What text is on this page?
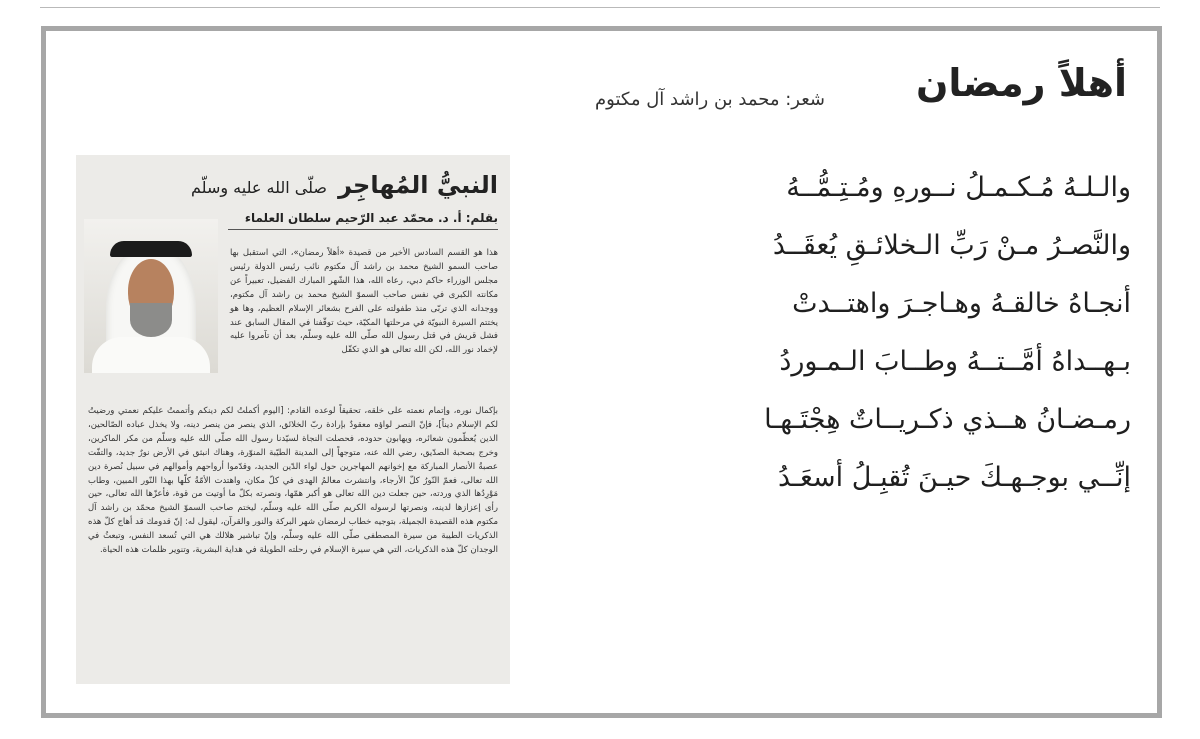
أهلاً رمضان
شعر: محمد بن راشد آل مكتوم
والـلـهُ مُـكـمـلُ نــورهِ ومُـتِـمُّــهُ
والنَّصـرُ مـنْ رَبِّ الـخلائـقِ يُعقَــدُ
أنجـاهُ خالقـهُ وهـاجـرَ واهتــدتْ
بـهــداهُ أمَّــتــهُ وطــابَ الـمـوردُ
رمـضـانُ هــذي ذكـريــاتٌ هِجْتَـهـا
إنِّــي بوجـهـكَ حيـنَ تُقبِـلُ أسعَـدُ
النبيُّ المُهاجِر صلّى الله عليه وسلّم
بقلم: أ. د. محمّد عبد الرّحيم سلطان العلماء

هذا هو القسم السادس الأخير من قصيدة «أهلاً رمضان»، التي استقبل بها صاحب السمو الشيخ محمد بن راشد آل مكتوم نائب رئيس الدولة رئيس مجلس الوزراء حاكم دبي، رعاه الله، هذا الشّهر المبارك الفضيل، تعبيراً عن مكانته الكبرى في نفس صاحب السموّ الشيخ محمد بن راشد آل مكتوم، ووجدانه الذي تربّى منذ طفولته على الفرح بشعائر الإسلام العظيم، وها هو يختتم السيرة النبويّة في مرحلتها المكيّة، حيث توقّفنا في المقال السابق عند فشل قريش في قتل رسول الله صلّى الله عليه وسلّم، بعد أن تآمروا عليه لإخماد نور الله، لكن الله تعالى هو الذي تكفّل

بإكمال نوره، وإتمام نعمته على خلقه، تحقيقاً لوعده القادم: [اليوم أكملتُ لكم دينكم وأتممتُ عليكم نعمتي ورضيتُ لكم الإسلام ديناً]، فإنّ النصر لواؤه معقودٌ بإرادة ربّ الخلائق، الذي ينصر من ينصر دينه، ولا يخذل عباده الصّالحين، الذين يُعظّمون شعائره، ويهابون حدوده، فحصلت النجاة لسيّدنا رسول الله صلّى الله عليه وسلّم من مكر الماكرين، وخرج بصحبة الصدّيق، رضي الله عنه، متوجهاً إلى المدينة الطيّبة المنوّرة، وهناك انبثق في الأرض نورٌ جديد، والتفّت عصبةُ الأنصار المباركة مع إخوانهم المهاجرين حول لواء الدّين الجديد، وقدّموا أرواحهم وأموالهم في سبيل نُصرة دين الله تعالى، فعمّ النّورُ كلّ الأرجاء، وانتشرت معالمُ الهدى في كلّ مكان، واهتدت الأمّةُ كلّها بهذا النّور المبين، وطاب مَوْرِدُها الذي وردته، حين جعلت دين الله تعالى هو أكبر همّها، ونصرته بكلّ ما أوتيت من قوة، فأعزّها الله تعالى، حين رأى إعزازها لدينه، ونصرتها لرسوله الكريم صلّى الله عليه وسلّم، ليختم صاحب السموّ الشيخ محمّد بن راشد آل مكتوم هذه القصيدة الجميلة، بتوجيه خطاب لرمضان شهر البركة والنور والقرآن، ليقول له: إنّ قدومك قد أهاج كلّ هذه الذكريات الطيبة من سيرة المصطفى صلّى الله عليه وسلّم، وإنّ تباشير هلالك هي التي تُسعد النفس، وتبعثُ في الوجدان كلّ هذه الذكريات، التي هي سيرة الإسلام في رحلته الطويلة في هداية البشرية، وتنوير ظلمات هذه الحياة.
